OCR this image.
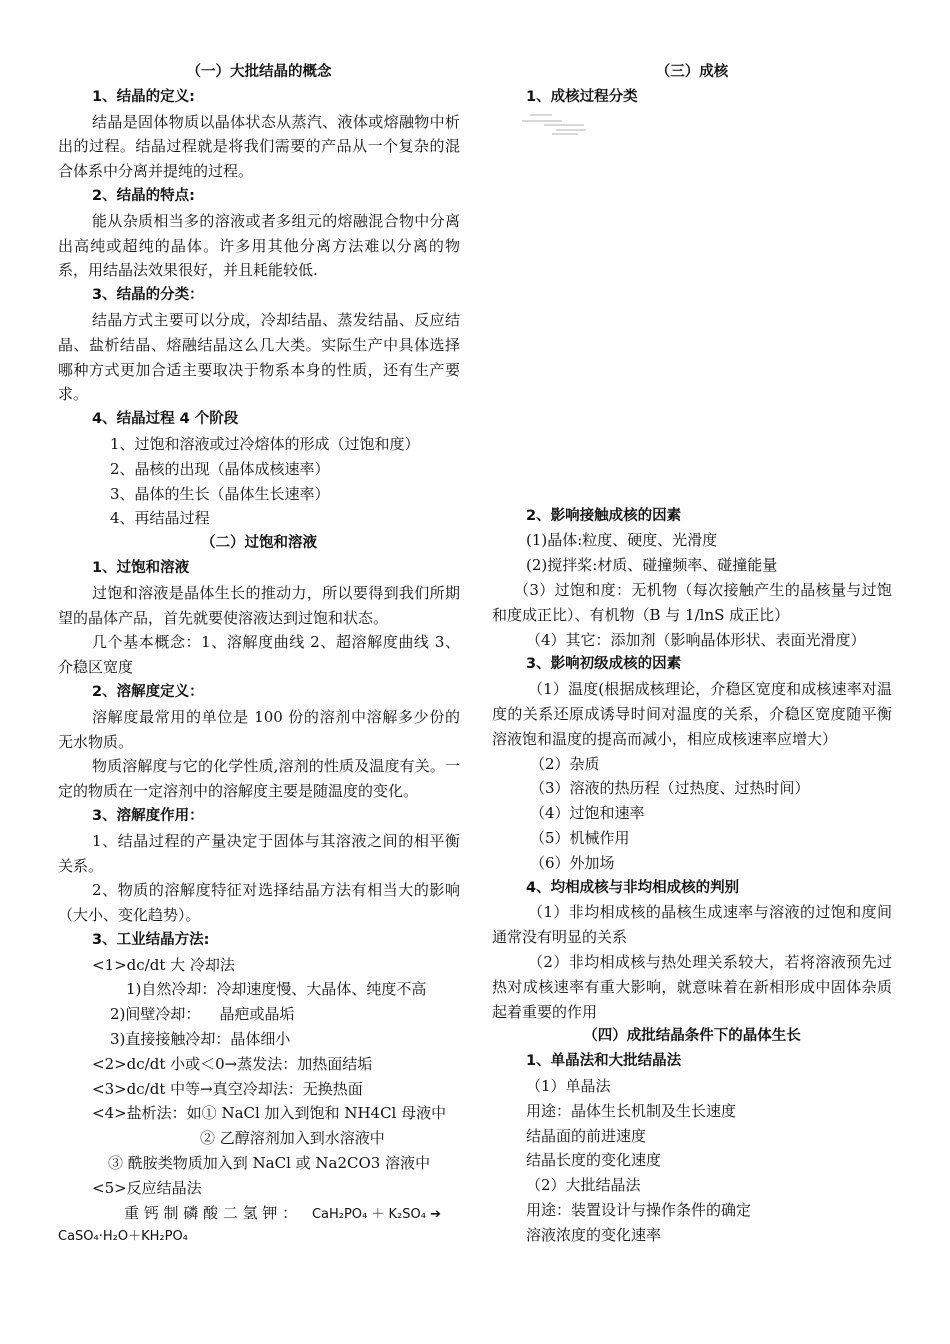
（一）大批结晶的概念
1、结晶的定义:
结晶是固体物质以晶体状态从蒸汽、液体或熔融物中析出的过程。结晶过程就是将我们需要的产品从一个复杂的混合体系中分离并提纯的过程。
2、结晶的特点:
能从杂质相当多的溶液或者多组元的熔融混合物中分离出高纯或超纯的晶体。许多用其他分离方法难以分离的物系，用结晶法效果很好，并且耗能较低.
3、结晶的分类：
结晶方式主要可以分成，冷却结晶、蒸发结晶、反应结晶、盐析结晶、熔融结晶这么几大类。实际生产中具体选择哪种方式更加合适主要取决于物系本身的性质，还有生产要求。
4、结晶过程 4 个阶段
1、过饱和溶液或过冷熔体的形成（过饱和度）
2、晶核的出现（晶体成核速率）
3、晶体的生长（晶体生长速率）
4、再结晶过程
（二）过饱和溶液
1、过饱和溶液
过饱和溶液是晶体生长的推动力，所以要得到我们所期望的晶体产品，首先就要使溶液达到过饱和状态。
几个基本概念：1、溶解度曲线 2、超溶解度曲线 3、介稳区宽度
2、溶解度定义：
溶解度最常用的单位是 100 份的溶剂中溶解多少份的无水物质。
物质溶解度与它的化学性质,溶剂的性质及温度有关。一定的物质在一定溶剂中的溶解度主要是随温度的变化。
3、溶解度作用：
1、结晶过程的产量决定于固体与其溶液之间的相平衡关系。
2、物质的溶解度特征对选择结晶方法有相当大的影响（大小、变化趋势）。
3、工业结晶方法:
<1>dc/dt 大 冷却法
1)自然冷却：冷却速度慢、大晶体、纯度不高
2)间壁冷却：    晶疤或晶垢
3)直接接触冷却：晶体细小
<2>dc/dt 小或＜0→蒸发法：加热面结垢
<3>dc/dt 中等→真空冷却法：无换热面
<4>盐析法：如① NaCl 加入到饱和 NH4Cl 母液中
② 乙醇溶剂加入到水溶液中
③ 酰胺类物质加入到 NaCl 或 Na2CO3 溶液中
<5>反应结晶法
重 钙 制 磷 酸 二 氢 钾 ： CaH₂PO₄ ＋ K₂SO₄ ➔
CaSO₄·H₂O＋KH₂PO₄
（三）成核
1、成核过程分类
2、影响接触成核的因素
(1)晶体:粒度、硬度、光滑度
(2)搅拌桨:材质、碰撞频率、碰撞能量
（3）过饱和度：无机物（每次接触产生的晶核量与过饱和度成正比）、有机物（B 与 1/lnS 成正比）
（4）其它：添加剂（影响晶体形状、表面光滑度）
3、影响初级成核的因素
（1）温度(根据成核理论，介稳区宽度和成核速率对温度的关系还原成诱导时间对温度的关系，介稳区宽度随平衡溶液饱和温度的提高而减小，相应成核速率应增大）
（2）杂质
（3）溶液的热历程（过热度、过热时间）
（4）过饱和速率
（5）机械作用
（6）外加场
4、均相成核与非均相成核的判别
（1）非均相成核的晶核生成速率与溶液的过饱和度间通常没有明显的关系
（2）非均相成核与热处理关系较大，若将溶液预先过热对成核速率有重大影响，就意味着在新相形成中固体杂质起着重要的作用
（四）成批结晶条件下的晶体生长
1、单晶法和大批结晶法
（1）单晶法
用途：晶体生长机制及生长速度
结晶面的前进速度
结晶长度的变化速度
（2）大批结晶法
用途：装置设计与操作条件的确定
溶液浓度的变化速率
